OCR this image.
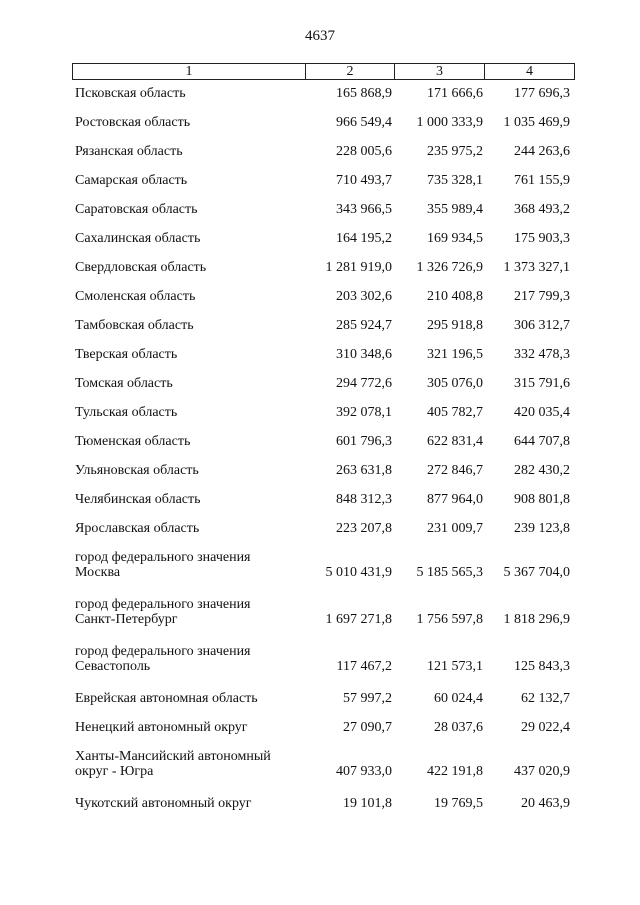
4637
1	2	3	4
Псковская область	165 868,9	171 666,6	177 696,3
Ростовская область	966 549,4	1 000 333,9	1 035 469,9
Рязанская область	228 005,6	235 975,2	244 263,6
Самарская область	710 493,7	735 328,1	761 155,9
Саратовская область	343 966,5	355 989,4	368 493,2
Сахалинская область	164 195,2	169 934,5	175 903,3
Свердловская область	1 281 919,0	1 326 726,9	1 373 327,1
Смоленская область	203 302,6	210 408,8	217 799,3
Тамбовская область	285 924,7	295 918,8	306 312,7
Тверская область	310 348,6	321 196,5	332 478,3
Томская область	294 772,6	305 076,0	315 791,6
Тульская область	392 078,1	405 782,7	420 035,4
Тюменская область	601 796,3	622 831,4	644 707,8
Ульяновская область	263 631,8	272 846,7	282 430,2
Челябинская область	848 312,3	877 964,0	908 801,8
Ярославская область	223 207,8	231 009,7	239 123,8
город федерального значения
Москва	5 010 431,9	5 185 565,3	5 367 704,0
город федерального значения
Санкт-Петербург	1 697 271,8	1 756 597,8	1 818 296,9
город федерального значения
Севастополь	117 467,2	121 573,1	125 843,3
Еврейская автономная область	57 997,2	60 024,4	62 132,7
Ненецкий автономный округ	27 090,7	28 037,6	29 022,4
Ханты-Мансийский автономный
округ - Югра	407 933,0	422 191,8	437 020,9
Чукотский автономный округ	19 101,8	19 769,5	20 463,9
